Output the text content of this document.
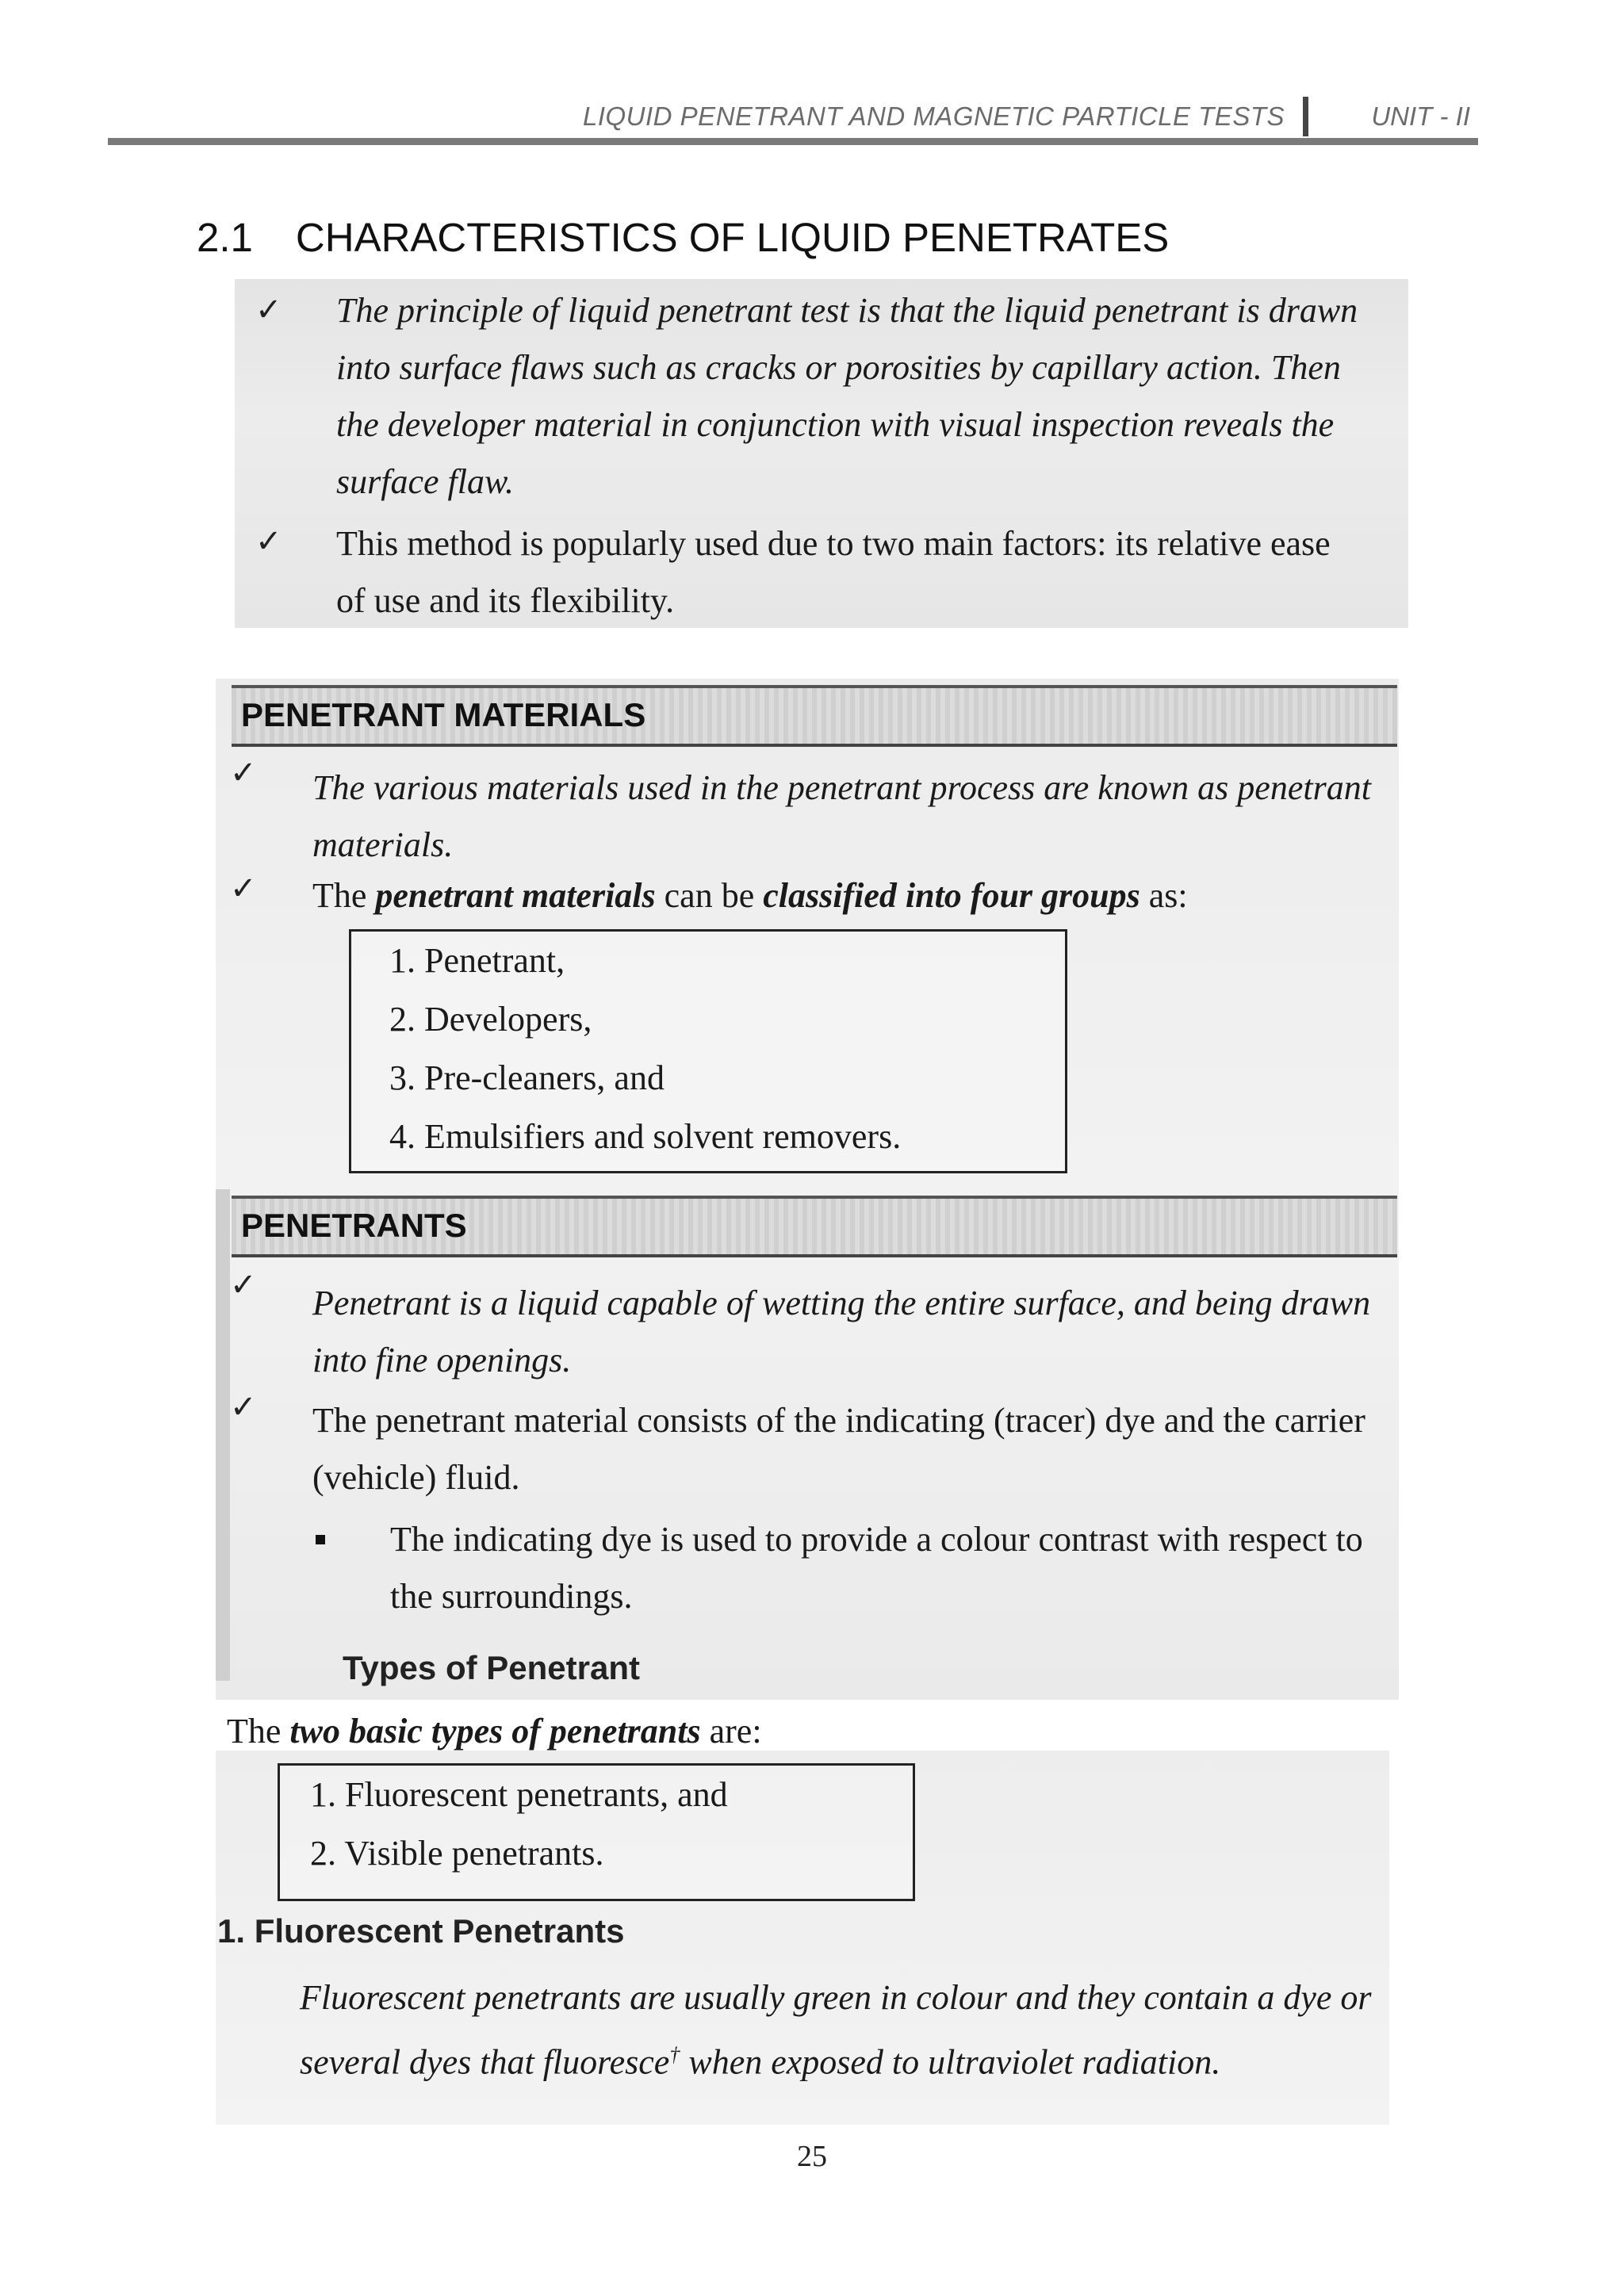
LIQUID PENETRANT AND MAGNETIC PARTICLE TESTS	UNIT - II
2.1 CHARACTERISTICS OF LIQUID PENETRATES
✓ The principle of liquid penetrant test is that the liquid penetrant is drawn into surface flaws such as cracks or porosities by capillary action. Then the developer material in conjunction with visual inspection reveals the surface flaw.
✓ This method is popularly used due to two main factors: its relative ease of use and its flexibility.
PENETRANT MATERIALS
✓ The various materials used in the penetrant process are known as penetrant materials.
✓ The penetrant materials can be classified into four groups as:
1. Penetrant,
2. Developers,
3. Pre-cleaners, and
4. Emulsifiers and solvent removers.
PENETRANTS
✓ Penetrant is a liquid capable of wetting the entire surface, and being drawn into fine openings.
✓ The penetrant material consists of the indicating (tracer) dye and the carrier (vehicle) fluid.
The indicating dye is used to provide a colour contrast with respect to the surroundings.
Types of Penetrant
The two basic types of penetrants are:
1. Fluorescent penetrants, and
2. Visible penetrants.
1. Fluorescent Penetrants
Fluorescent penetrants are usually green in colour and they contain a dye or several dyes that fluoresce† when exposed to ultraviolet radiation.
25
